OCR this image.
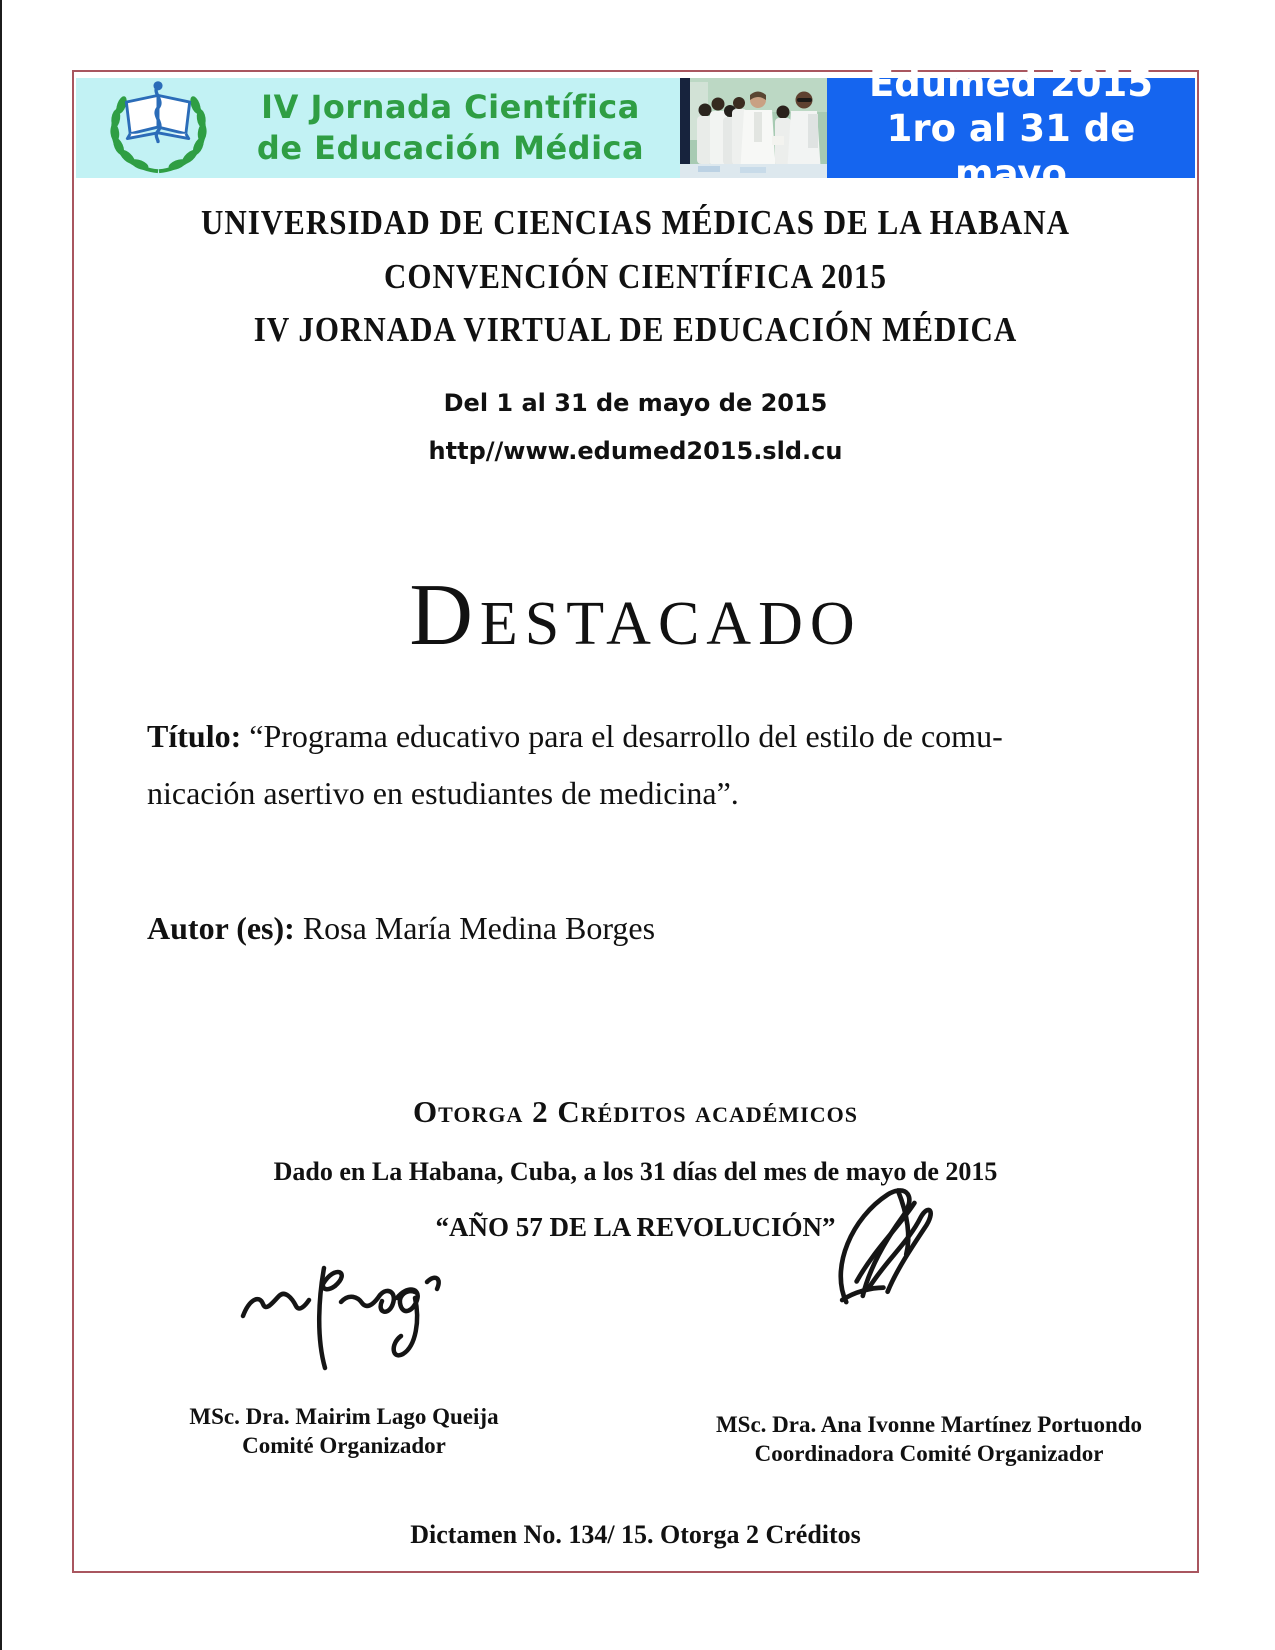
IV Jornada Científica
de Educación Médica
Edumed 2015
1ro al 31 de mayo
UNIVERSIDAD DE CIENCIAS MÉDICAS DE LA HABANA
CONVENCIÓN CIENTÍFICA 2015
IV JORNADA VIRTUAL DE EDUCACIÓN MÉDICA
Del 1 al 31 de mayo de 2015
http//www.edumed2015.sld.cu
Destacado
Título: “Programa educativo para el desarrollo del estilo de comu-
nicación asertivo en estudiantes de medicina”.
Autor (es): Rosa María Medina Borges
Otorga 2 Créditos académicos
Dado en La Habana, Cuba, a los 31 días del mes de mayo de 2015
“AÑO 57 DE LA REVOLUCIÓN”
MSc. Dra. Mairim Lago Queija
Comité Organizador
MSc. Dra. Ana Ivonne Martínez Portuondo
Coordinadora Comité Organizador
Dictamen No. 134/ 15. Otorga 2 Créditos
